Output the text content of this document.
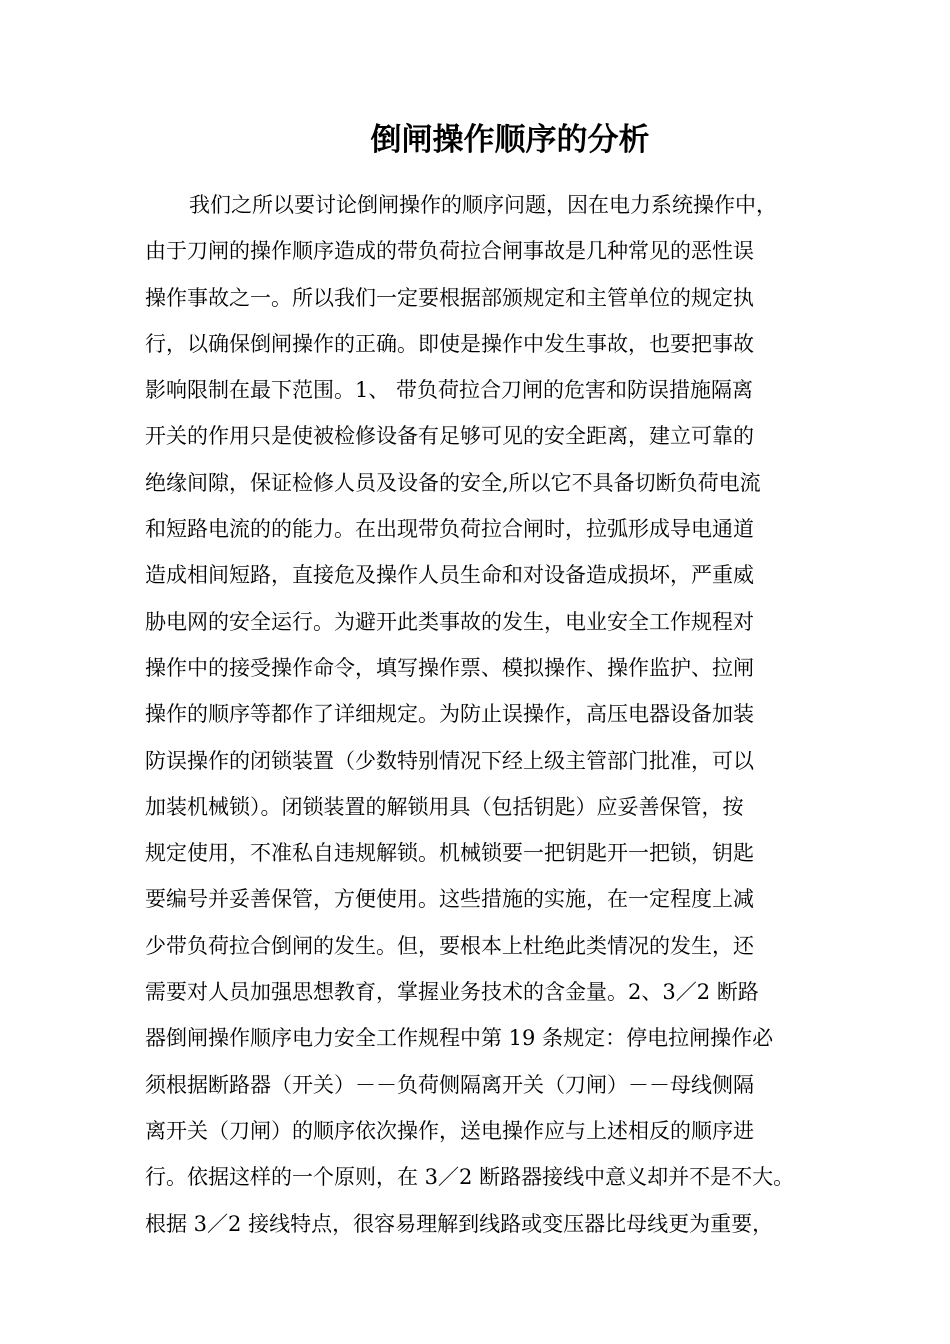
倒闸操作顺序的分析
我们之所以要讨论倒闸操作的顺序问题，因在电力系统操作中，
由于刀闸的操作顺序造成的带负荷拉合闸事故是几种常见的恶性误
操作事故之一。所以我们一定要根据部颁规定和主管单位的规定执
行，以确保倒闸操作的正确。即使是操作中发生事故，也要把事故
影响限制在最下范围。1、 带负荷拉合刀闸的危害和防误措施隔离
开关的作用只是使被检修设备有足够可见的安全距离，建立可靠的
绝缘间隙，保证检修人员及设备的安全,所以它不具备切断负荷电流
和短路电流的的能力。在出现带负荷拉合闸时，拉弧形成导电通道
造成相间短路，直接危及操作人员生命和对设备造成损坏，严重威
胁电网的安全运行。为避开此类事故的发生，电业安全工作规程对
操作中的接受操作命令，填写操作票、模拟操作、操作监护、拉闸
操作的顺序等都作了详细规定。为防止误操作，高压电器设备加装
防误操作的闭锁装置（少数特别情况下经上级主管部门批准，可以
加装机械锁）。闭锁装置的解锁用具（包括钥匙）应妥善保管，按
规定使用，不准私自违规解锁。机械锁要一把钥匙开一把锁，钥匙
要编号并妥善保管，方便使用。这些措施的实施，在一定程度上减
少带负荷拉合倒闸的发生。但，要根本上杜绝此类情况的发生，还
需要对人员加强思想教育，掌握业务技术的含金量。2、3／2 断路
器倒闸操作顺序电力安全工作规程中第 19 条规定：停电拉闸操作必
须根据断路器（开关）－－负荷侧隔离开关（刀闸）－－母线侧隔
离开关（刀闸）的顺序依次操作，送电操作应与上述相反的顺序进
行。依据这样的一个原则，在 3／2 断路器接线中意义却并不是不大。
根据 3／2 接线特点，很容易理解到线路或变压器比母线更为重要，
